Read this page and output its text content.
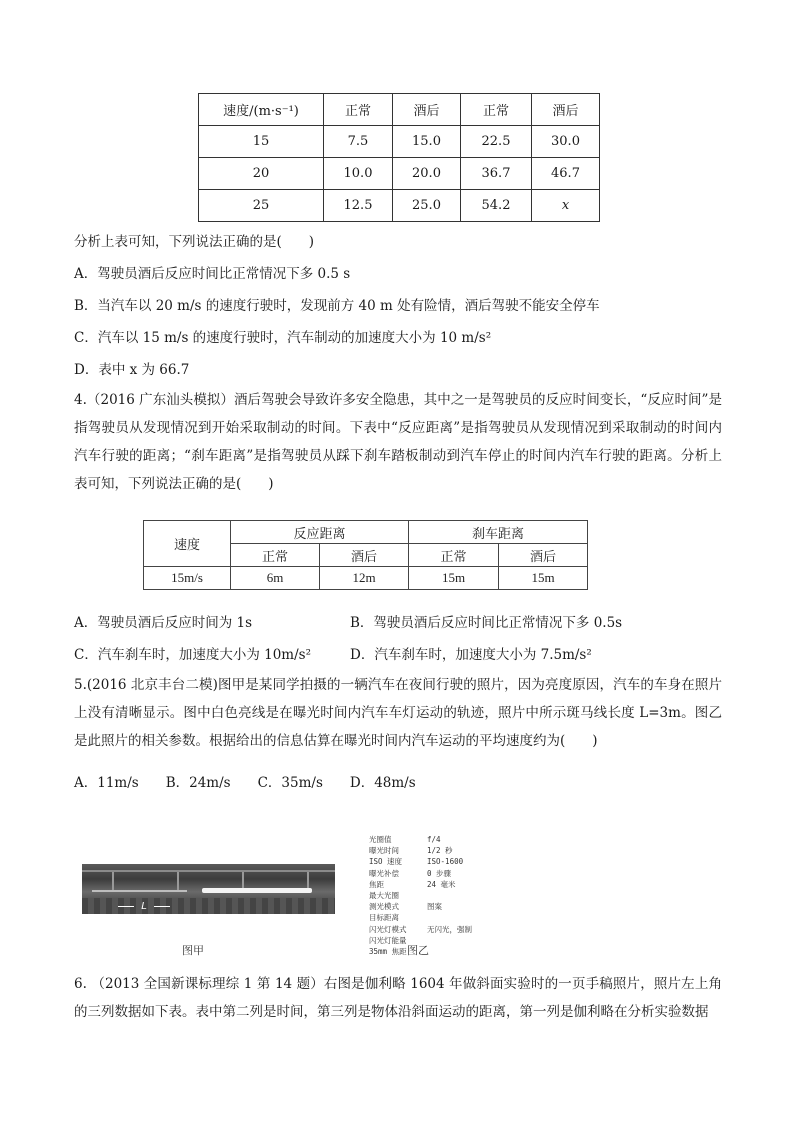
速度/(m·s⁻¹)	正常	酒后	正常	酒后
15	7.5	15.0	22.5	30.0
20	10.0	20.0	36.7	46.7
25	12.5	25.0	54.2	x
分析上表可知，下列说法正确的是(　　)
A．驾驶员酒后反应时间比正常情况下多 0.5 s
B．当汽车以 20 m/s 的速度行驶时，发现前方 40 m 处有险情，酒后驾驶不能安全停车
C．汽车以 15 m/s 的速度行驶时，汽车制动的加速度大小为 10 m/s²
D．表中 x 为 66.7
4.（2016 广东汕头模拟）酒后驾驶会导致许多安全隐患，其中之一是驾驶员的反应时间变长，“反应时间”是指驾驶员从发现情况到开始采取制动的时间。下表中“反应距离”是指驾驶员从发现情况到采取制动的时间内汽车行驶的距离；“刹车距离”是指驾驶员从踩下刹车踏板制动到汽车停止的时间内汽车行驶的距离。分析上表可知，下列说法正确的是(　　)
速度	反应距离		刹车距离	
	正常	酒后	正常	酒后
15m/s	6m	12m	15m	15m
A．驾驶员酒后反应时间为 1s	B．驾驶员酒后反应时间比正常情况下多 0.5s
C．汽车刹车时，加速度大小为 10m/s²	D．汽车刹车时，加速度大小为 7.5m/s²
5.(2016 北京丰台二模)图甲是某同学拍摄的一辆汽车在夜间行驶的照片，因为亮度原因，汽车的车身在照片上没有清晰显示。图中白色亮线是在曝光时间内汽车车灯运动的轨迹，照片中所示斑马线长度 L=3m。图乙是此照片的相关参数。根据给出的信息估算在曝光时间内汽车运动的平均速度约为(　　)
A．11m/s　　B．24m/s　　C．35m/s　　D．48m/s
L
图甲
光圈值	f/4
曝光时间	1/2 秒
ISO 速度	ISO-1600
曝光补偿	0 步骤
焦距	24 毫米
最大光圈
测光模式	图案
目标距离
闪光灯模式	无闪光，强制
闪光灯能量
35mm 焦距 图乙
6. （2013 全国新课标理综 1 第 14 题）右图是伽利略 1604 年做斜面实验时的一页手稿照片，照片左上角的三列数据如下表。表中第二列是时间，第三列是物体沿斜面运动的距离，第一列是伽利略在分析实验数据
